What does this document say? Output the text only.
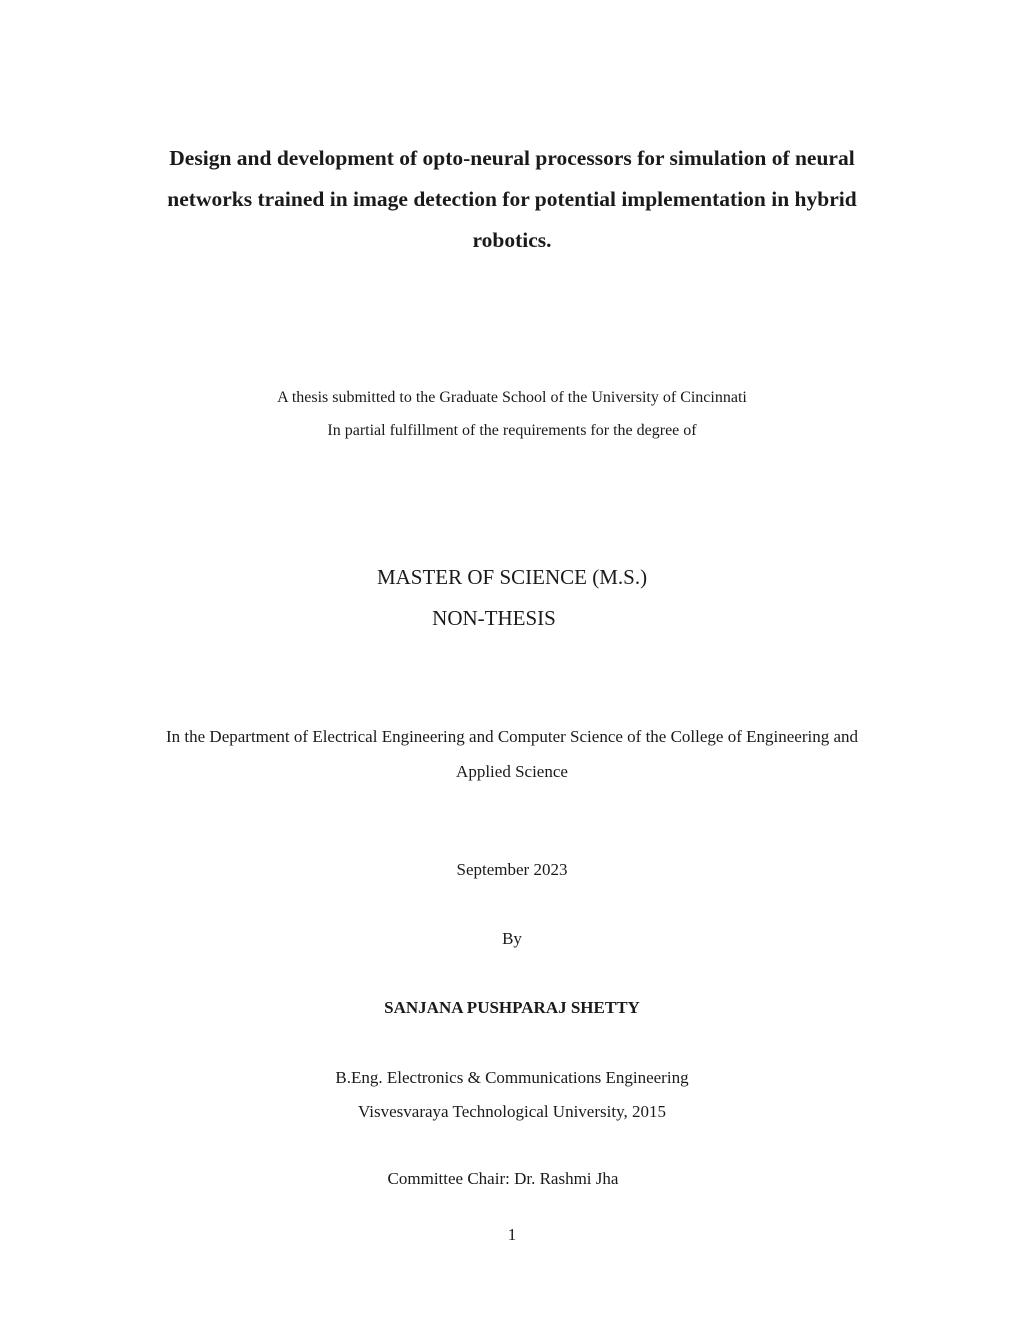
Design and development of opto-neural processors for simulation of neural
networks trained in image detection for potential implementation in hybrid
robotics.
A thesis submitted to the Graduate School of the University of Cincinnati
In partial fulfillment of the requirements for the degree of
MASTER OF SCIENCE (M.S.)
NON-THESIS
In the Department of Electrical Engineering and Computer Science of the College of Engineering and
Applied Science
September 2023
By
SANJANA PUSHPARAJ SHETTY
B.Eng. Electronics & Communications Engineering
Visvesvaraya Technological University, 2015
Committee Chair: Dr. Rashmi Jha
1
